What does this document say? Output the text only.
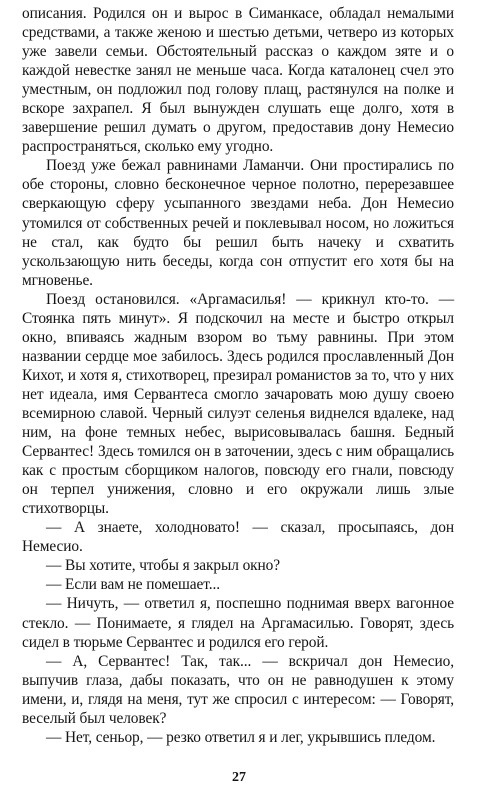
описания. Родился он и вырос в Симанкасе, обладал немалыми средствами, а также женою и шестью детьми, четверо из которых уже завели семьи. Обстоятельный рассказ о каждом зяте и о каждой невестке занял не меньше часа. Когда каталонец счел это уместным, он подложил под голову плащ, растянулся на полке и вскоре захрапел. Я был вынужден слушать еще долго, хотя в завершение решил думать о другом, предоставив дону Немесио распространяться, сколько ему угодно.

Поезд уже бежал равнинами Ламанчи. Они простирались по обе стороны, словно бесконечное черное полотно, перерезавшее сверкающую сферу усыпанного звездами неба. Дон Немесио утомился от собственных речей и поклевывал носом, но ложиться не стал, как будто бы решил быть начеку и схватить ускользающую нить беседы, когда сон отпустит его хотя бы на мгновенье.

Поезд остановился. «Аргамасилья! — крикнул кто-то. — Стоянка пять минут». Я подскочил на месте и быстро открыл окно, впиваясь жадным взором во тьму равнины. При этом названии сердце мое забилось. Здесь родился прославленный Дон Кихот, и хотя я, стихотворец, презирал романистов за то, что у них нет идеала, имя Сервантеса смогло зачаровать мою душу своею всемирною славой. Черный силуэт селенья виднелся вдалеке, над ним, на фоне темных небес, вырисовывалась башня. Бедный Сервантес! Здесь томился он в заточении, здесь с ним обращались как с простым сборщиком налогов, повсюду его гнали, повсюду он терпел унижения, словно и его окружали лишь злые стихотворцы.

— А знаете, холодновато! — сказал, просыпаясь, дон Немесио.

— Вы хотите, чтобы я закрыл окно?

— Если вам не помешает...

— Ничуть, — ответил я, поспешно поднимая вверх вагонное стекло. — Понимаете, я глядел на Аргамасилью. Говорят, здесь сидел в тюрьме Сервантес и родился его герой.

— А, Сервантес! Так, так... — вскричал дон Немесио, выпучив глаза, дабы показать, что он не равнодушен к этому имени, и, глядя на меня, тут же спросил с интересом: — Говорят, веселый был человек?

— Нет, сеньор, — резко ответил я и лег, укрывшись пледом.

27
